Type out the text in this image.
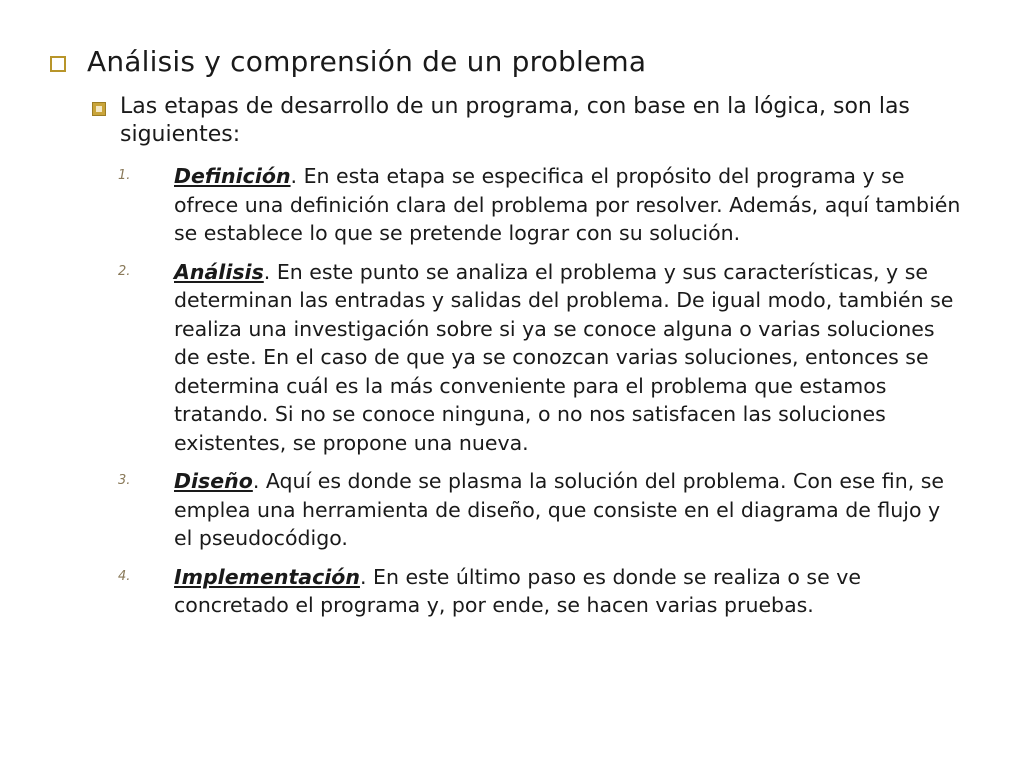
Análisis y comprensión de un problema
Las etapas de desarrollo de un programa, con base en la lógica, son las siguientes:
1.	Definición. En esta etapa se especifica el propósito del programa y se ofrece una definición clara del problema por resolver. Además, aquí también se establece lo que se pretende lograr con su solución.
2.	Análisis. En este punto se analiza el problema y sus características, y se determinan las entradas y salidas del problema. De igual modo, también se realiza una investigación sobre si ya se conoce alguna o varias soluciones de este. En el caso de que ya se conozcan varias soluciones, entonces se determina cuál es la más conveniente para el problema que estamos tratando. Si no se conoce ninguna, o no nos satisfacen las soluciones existentes, se propone una nueva.
3.	Diseño. Aquí es donde se plasma la solución del problema. Con ese fin, se emplea una herramienta de diseño, que consiste en el diagrama de flujo y el pseudocódigo.
4.	Implementación. En este último paso es donde se realiza o se ve concretado el programa y, por ende, se hacen varias pruebas.
